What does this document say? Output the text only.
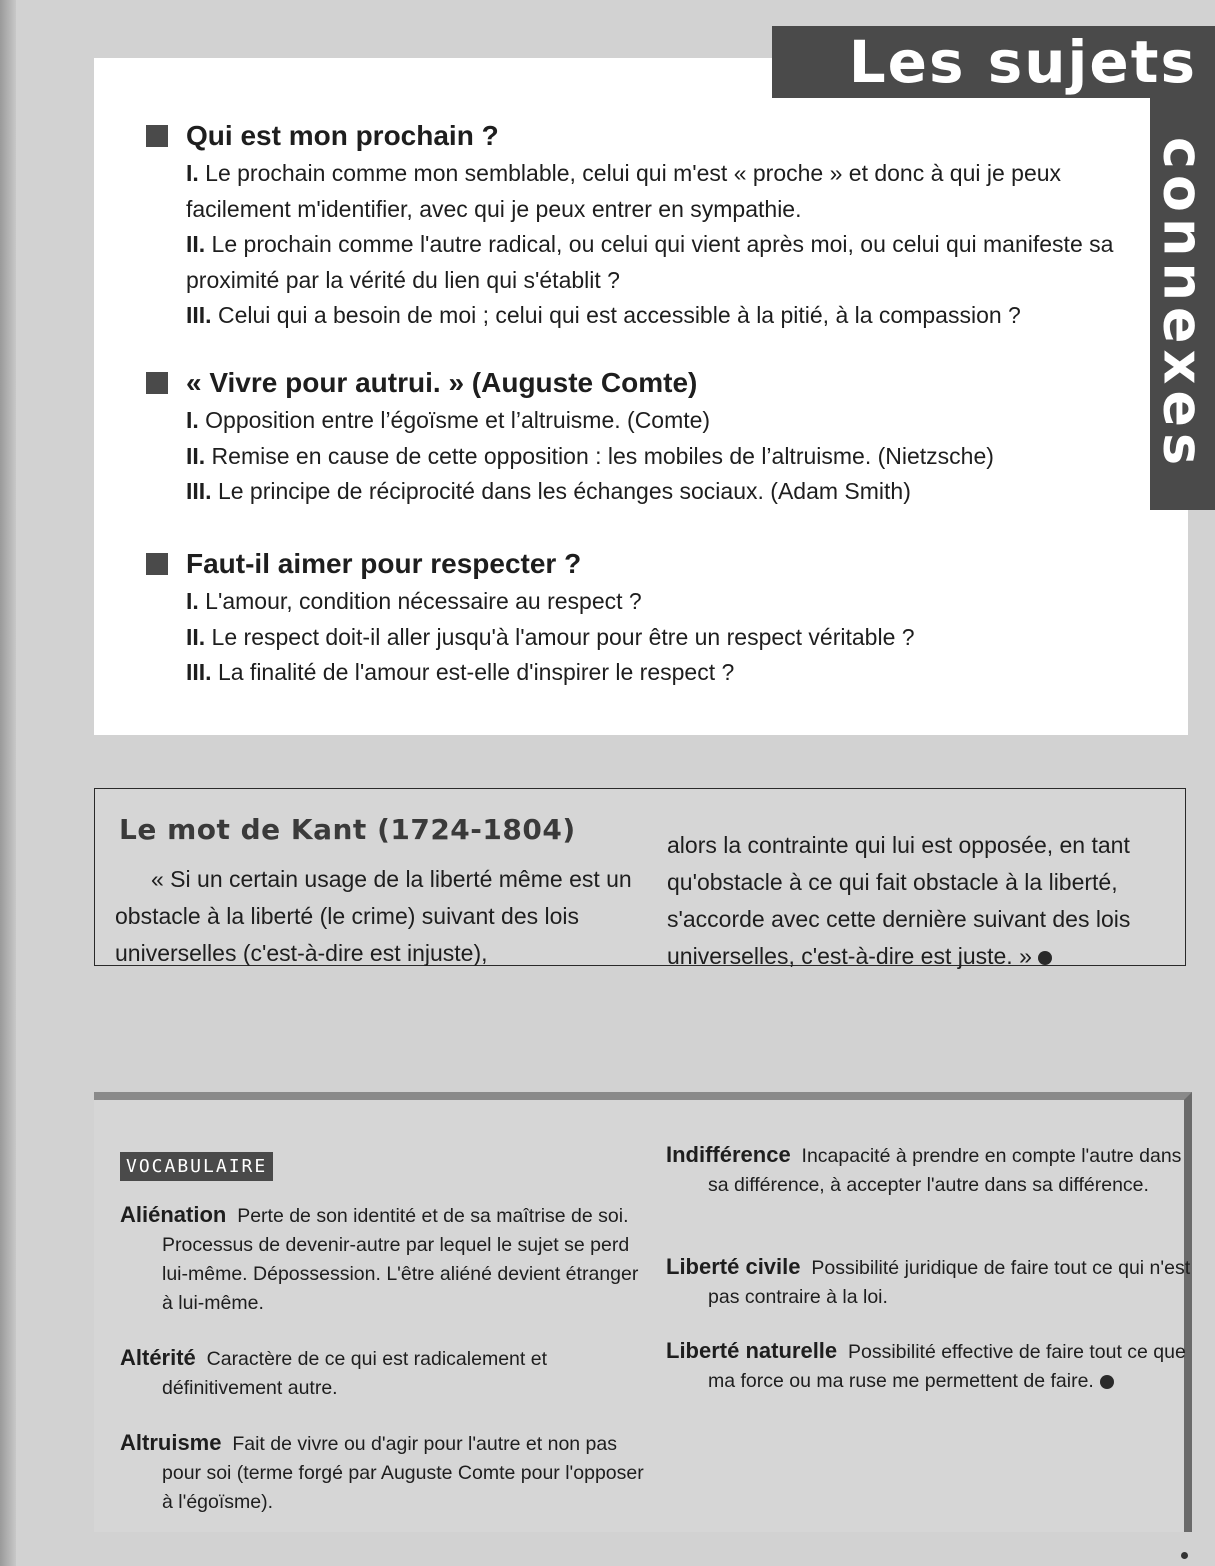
Qui est mon prochain ?

I. Le prochain comme mon semblable, celui qui m'est « proche » et donc à qui je peux facilement m'identifier, avec qui je peux entrer en sympathie.

II. Le prochain comme l'autre radical, ou celui qui vient après moi, ou celui qui manifeste sa proximité par la vérité du lien qui s'établit ?

III. Celui qui a besoin de moi ; celui qui est accessible à la pitié, à la compassion ?

« Vivre pour autrui. » (Auguste Comte)

I. Opposition entre l’égoïsme et l’altruisme. (Comte)

II. Remise en cause de cette opposition : les mobiles de l’altruisme. (Nietzsche)

III. Le principe de réciprocité dans les échanges sociaux. (Adam Smith)

Faut-il aimer pour respecter ?

I. L'amour, condition nécessaire au respect ?

II. Le respect doit-il aller jusqu'à l'amour pour être un respect véritable ?

III. La finalité de l'amour est-elle d'inspirer le respect ?

Les sujets
connexes
Le mot de Kant (1724-1804)

« Si un certain usage de la liberté même est un obstacle à la liberté (le crime) suivant des lois universelles (c'est-à-dire est injuste),

alors la contrainte qui lui est opposée, en tant qu'obstacle à ce qui fait obstacle à la liberté, s'accorde avec cette dernière suivant des lois universelles, c'est-à-dire est juste. »

VOCABULAIRE

Aliénation Perte de son identité et de sa maîtrise de soi. Processus de devenir-autre par lequel le sujet se perd lui-même. Dépossession. L'être aliéné devient étranger à lui-même.

Altérité Caractère de ce qui est radicalement et définitivement autre.

Altruisme Fait de vivre ou d'agir pour l'autre et non pas pour soi (terme forgé par Auguste Comte pour l'opposer à l'égoïsme).

Indifférence Incapacité à prendre en compte l'autre dans sa différence, à accepter l'autre dans sa différence.

Liberté civile Possibilité juridique de faire tout ce qui n'est pas contraire à la loi.

Liberté naturelle Possibilité effective de faire tout ce que ma force ou ma ruse me permettent de faire.
